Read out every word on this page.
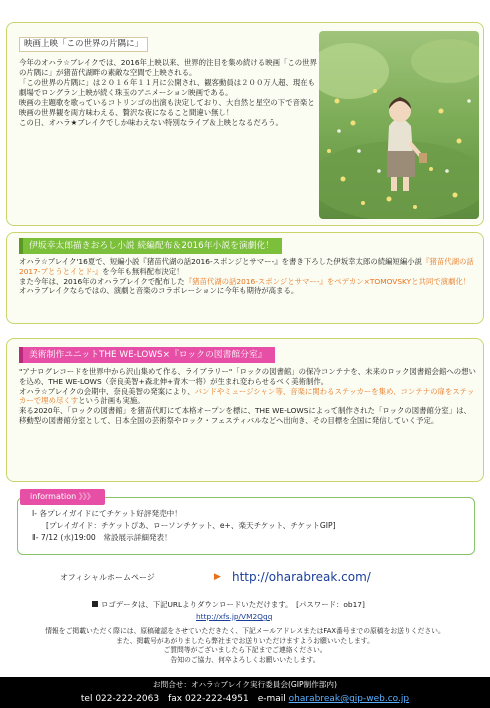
映画上映「この世界の片隅に」

今年のオハラ☆ブレイクでは、2016年上映以来、世界的注目を集め続ける映画「この世界の片隅に」が猪苗代湖畔の素敵な空間で上映される。

「この世界の片隅に」は２０１６年１１月に公開され、観客動員は２００万人超、現在も劇場でロングラン上映が続く珠玉のアニメーション映画である。

映画の主題歌を歌っているコトリンゴの出演も決定しており、大自然と星空の下で音楽と映画の世界観を両方味わえる、贅沢な夜になること間違い無し！

この日、オハラ★ブレイクでしか味わえない特別なライブ＆上映となるだろう。

伊坂幸太郎描きおろし小説 続編配布＆2016年小説を演劇化！
オハラ☆ブレイク'16夏で、短編小説『猪苗代湖の話2016-スポンジとサマー-』を書き下ろした伊坂幸太郎の続編短編小説『猪苗代湖の話2017-ブとうとイとド-』を今年も無料配布決定！
また今年は、2016年のオハラブレイクで配布した『猪苗代湖の話2016-スポンジとサマー-』をペデカン×TOMOVSKYと共同で演劇化！
オハラブレイクならではの、演劇と音楽のコラボレーションに今年も期待が高まる。
美術制作ユニットTHE WE-LOWS×『ロックの図書館分室』
"アナログレコードを世界中から沢山集めて作る、ライブラリー"「ロックの図書館」の保冷コンテナを、未来のロック図書館会館への想いを込め、THE WE-LOWS（奈良美智+森北伸+青木一将）が生まれ変わらせるべく美術制作。
オハラ☆ブレイクの会期中、奈良美智の発案により、バンドやミュージシャン等、音楽に関わるステッカーを集め、コンテナの扉をステッカーで埋め尽くすという計画も実施。
来る2020年、「ロックの図書館」を猪苗代町にて本格オープンを標に、THE WE-LOWSによって制作された「ロックの図書館分室」は、移動型の図書館分室として、日本全国の芸術祭やロック・フェスティバルなどへ出向き、その目標を全国に発信していく予定。
information 》》》
Ⅰ- 各プレイガイドにてチケット好評発売中！
[プレイガイド：チケットぴあ、ローソンチケット、e+、楽天チケット、チケットGIP]
Ⅱ- 7/12 (水)19:00　常設展示詳細発表！
オフィシャルホームページ	▶ http://oharabreak.com/
ロゴデータは、下記URLよりダウンロードいただけます。　[パスワード：ob17]
http://xfs.jp/VM2Qgq
情報をご掲載いただく際には、原稿確認をさせていただきたく、下記メールアドレスまたはFAX番号までの原稿をお送りください。
また、掲載号があがりましたら弊社までお送りいただけますようお願いいたします。
ご質問等がございましたら下記までご連絡ください。
告知のご協力、何卒よろしくお願いいたします。
お問合せ：オハラ☆ブレイク実行委員会(GIP制作部内)
tel 022-222-2063　fax 022-222-4951　e-mail oharabreak@gip-web.co.jp
